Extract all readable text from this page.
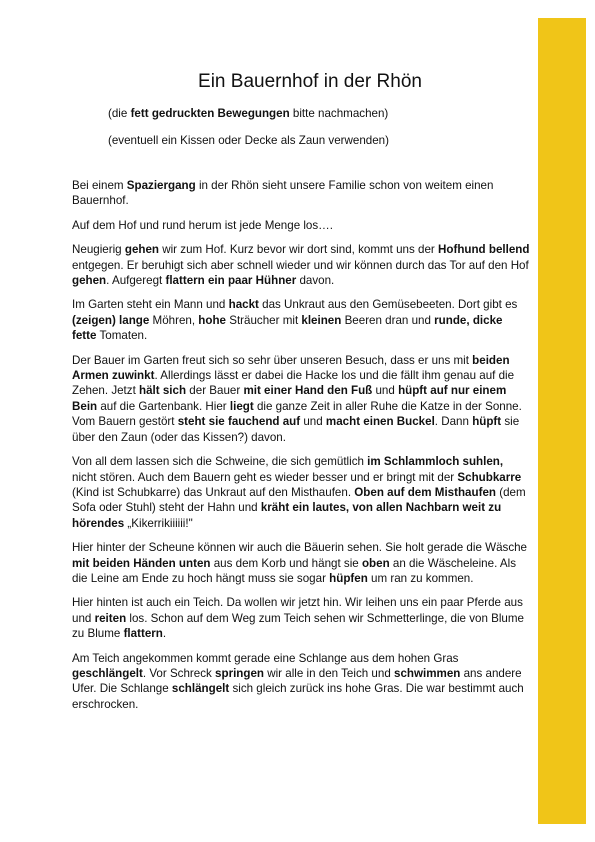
Ein Bauernhof in der Rhön

(die fett gedruckten Bewegungen bitte nachmachen)

(eventuell ein Kissen oder Decke als Zaun verwenden)

Bei einem Spaziergang in der Rhön sieht unsere Familie schon von weitem einen Bauernhof.

Auf dem Hof und rund herum ist jede Menge los….

Neugierig gehen wir zum Hof. Kurz bevor wir dort sind, kommt uns der Hofhund bellend entgegen. Er beruhigt sich aber schnell wieder und wir können durch das Tor auf den Hof gehen. Aufgeregt flattern ein paar Hühner davon.

Im Garten steht ein Mann und hackt das Unkraut aus den Gemüsebeeten. Dort gibt es (zeigen) lange Möhren, hohe Sträucher mit kleinen Beeren dran und runde, dicke fette Tomaten.

Der Bauer im Garten freut sich so sehr über unseren Besuch, dass er uns mit beiden Armen zuwinkt. Allerdings lässt er dabei die Hacke los und die fällt ihm genau auf die Zehen. Jetzt hält sich der Bauer mit einer Hand den Fuß und hüpft auf nur einem Bein auf die Gartenbank. Hier liegt die ganze Zeit in aller Ruhe die Katze in der Sonne. Vom Bauern gestört steht sie fauchend auf und macht einen Buckel. Dann hüpft sie über den Zaun (oder das Kissen?) davon.

Von all dem lassen sich die Schweine, die sich gemütlich im Schlammloch suhlen, nicht stören. Auch dem Bauern geht es wieder besser und er bringt mit der Schubkarre (Kind ist Schubkarre) das Unkraut auf den Misthaufen. Oben auf dem Misthaufen (dem Sofa oder Stuhl) steht der Hahn und kräht ein lautes, von allen Nachbarn weit zu hörendes „Kikerrikiiiiii!"

Hier hinter der Scheune können wir auch die Bäuerin sehen. Sie holt gerade die Wäsche mit beiden Händen unten aus dem Korb und hängt sie oben an die Wäscheleine. Als die Leine am Ende zu hoch hängt muss sie sogar hüpfen um ran zu kommen.

Hier hinten ist auch ein Teich. Da wollen wir jetzt hin. Wir leihen uns ein paar Pferde aus und reiten los. Schon auf dem Weg zum Teich sehen wir Schmetterlinge, die von Blume zu Blume flattern.

Am Teich angekommen kommt gerade eine Schlange aus dem hohen Gras geschlängelt. Vor Schreck springen wir alle in den Teich und schwimmen ans andere Ufer. Die Schlange schlängelt sich gleich zurück ins hohe Gras. Die war bestimmt auch erschrocken.
